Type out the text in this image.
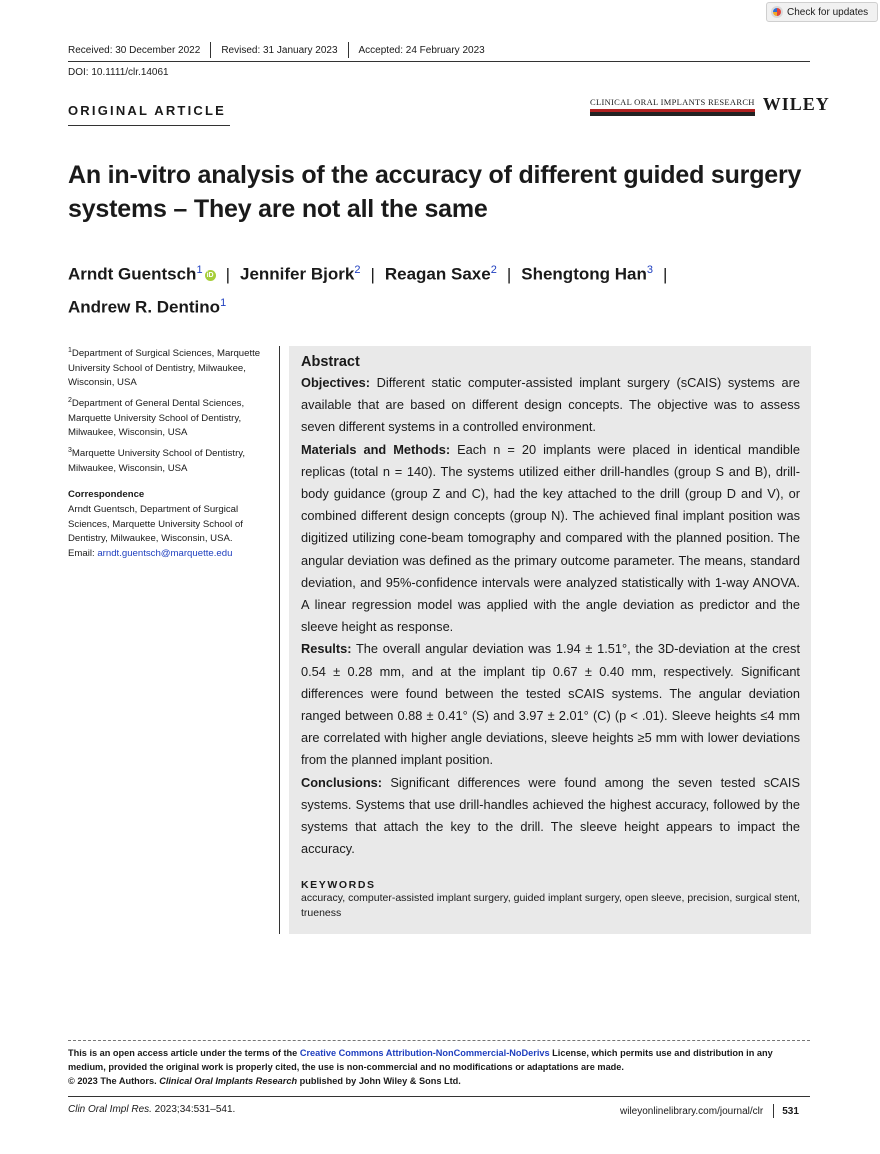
Check for updates
Received: 30 December 2022 Revised: 31 January 2023 Accepted: 24 February 2023
DOI: 10.1111/clr.14061
ORIGINAL ARTICLE
CLINICAL ORAL IMPLANTS RESEARCH WILEY
An in-vitro analysis of the accuracy of different guided surgery systems – They are not all the same
Arndt Guentsch$^1$ iD | Jennifer Bjork$^2$ | Reagan Saxe$^2$ | Shengtong Han$^3$ |
Andrew R. Dentino$^1$
$^1$Department of Surgical Sciences, Marquette University School of Dentistry, Milwaukee, Wisconsin, USA
$^2$Department of General Dental Sciences, Marquette University School of Dentistry, Milwaukee, Wisconsin, USA
$^3$Marquette University School of Dentistry, Milwaukee, Wisconsin, USA
Correspondence
Arndt Guentsch, Department of Surgical Sciences, Marquette University School of Dentistry, Milwaukee, Wisconsin, USA.
Email: arndt.guentsch@marquette.edu
Abstract

Objectives: Different static computer-assisted implant surgery (sCAIS) systems are available that are based on different design concepts. The objective was to assess seven different systems in a controlled environment.

Materials and Methods: Each n = 20 implants were placed in identical mandible replicas (total n = 140). The systems utilized either drill-handles (group S and B), drill-body guidance (group Z and C), had the key attached to the drill (group D and V), or combined different design concepts (group N). The achieved final implant position was digitized utilizing cone-beam tomography and compared with the planned position. The angular deviation was defined as the primary outcome parameter. The means, standard deviation, and 95%-confidence intervals were analyzed statistically with 1-way ANOVA. A linear regression model was applied with the angle deviation as predictor and the sleeve height as response.

Results: The overall angular deviation was 1.94 ± 1.51°, the 3D-deviation at the crest 0.54 ± 0.28 mm, and at the implant tip 0.67 ± 0.40 mm, respectively. Significant differences were found between the tested sCAIS systems. The angular deviation ranged between 0.88 ± 0.41° (S) and 3.97 ± 2.01° (C) (p < .01). Sleeve heights ≤4 mm are correlated with higher angle deviations, sleeve heights ≥5 mm with lower deviations from the planned implant position.

Conclusions: Significant differences were found among the seven tested sCAIS systems. Systems that use drill-handles achieved the highest accuracy, followed by the systems that attach the key to the drill. The sleeve height appears to impact the accuracy.

KEYWORDS
accuracy, computer-assisted implant surgery, guided implant surgery, open sleeve, precision, surgical stent, trueness
This is an open access article under the terms of the Creative Commons Attribution-NonCommercial-NoDerivs License, which permits use and distribution in any medium, provided the original work is properly cited, the use is non-commercial and no modifications or adaptations are made.
© 2023 The Authors. Clinical Oral Implants Research published by John Wiley & Sons Ltd.
Clin Oral Impl Res. 2023;34:531–541.	wileyonlinelibrary.com/journal/clr 531
